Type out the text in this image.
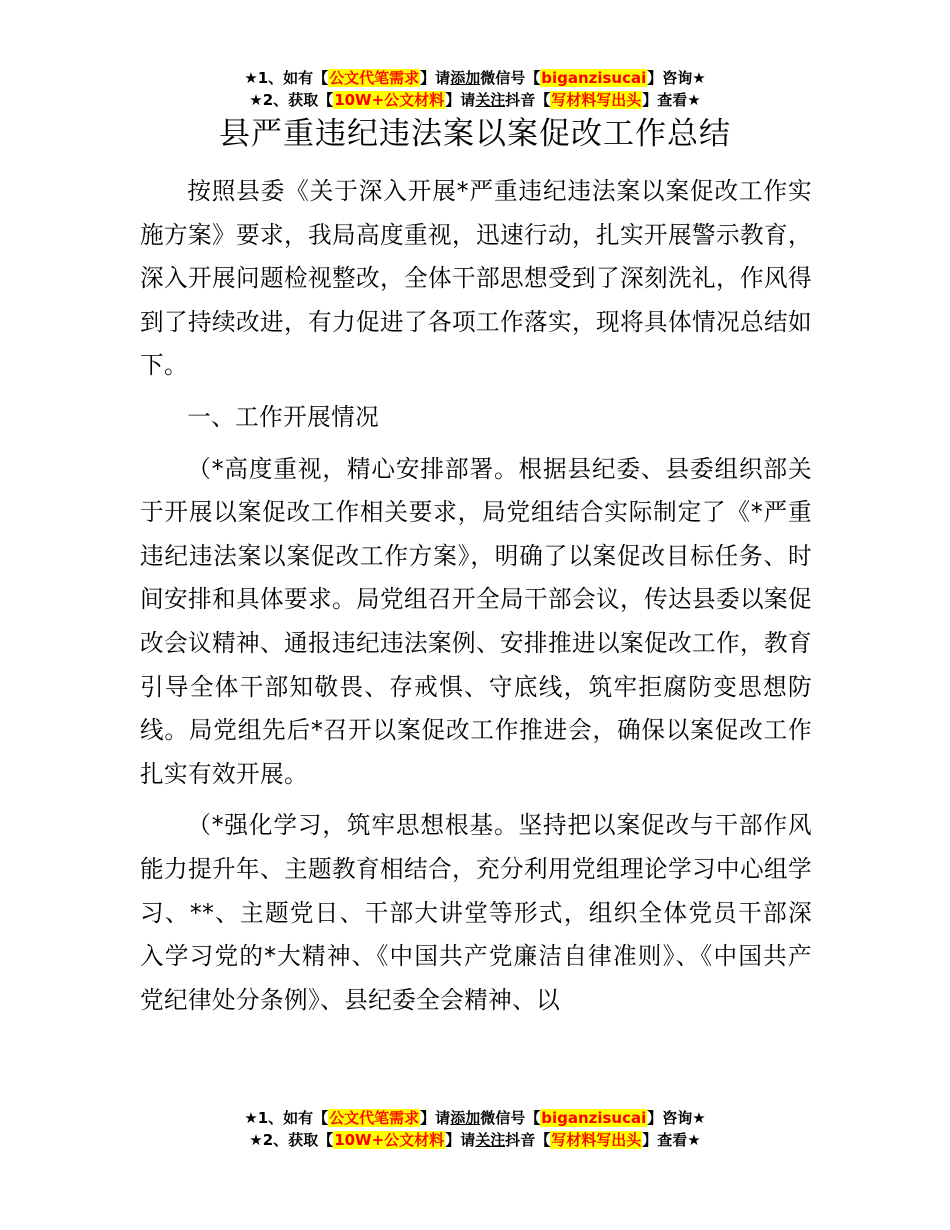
★1、如有【公文代笔需求】请添加微信号【biganzisucai】咨询★
★2、获取【10W+公文材料】请关注抖音【写材料写出头】查看★
县严重违纪违法案以案促改工作总结

按照县委《关于深入开展*严重违纪违法案以案促改工作实施方案》要求，我局高度重视，迅速行动，扎实开展警示教育，深入开展问题检视整改，全体干部思想受到了深刻洗礼，作风得到了持续改进，有力促进了各项工作落实，现将具体情况总结如下。

一、工作开展情况

（*高度重视，精心安排部署。根据县纪委、县委组织部关于开展以案促改工作相关要求，局党组结合实际制定了《*严重违纪违法案以案促改工作方案》，明确了以案促改目标任务、时间安排和具体要求。局党组召开全局干部会议，传达县委以案促改会议精神、通报违纪违法案例、安排推进以案促改工作，教育引导全体干部知敬畏、存戒惧、守底线，筑牢拒腐防变思想防线。局党组先后*召开以案促改工作推进会，确保以案促改工作扎实有效开展。

（*强化学习，筑牢思想根基。坚持把以案促改与干部作风能力提升年、主题教育相结合，充分利用党组理论学习中心组学习、**、主题党日、干部大讲堂等形式，组织全体党员干部深入学习党的*大精神、《中国共产党廉洁自律准则》、《中国共产党纪律处分条例》、县纪委全会精神、以

★1、如有【公文代笔需求】请添加微信号【biganzisucai】咨询★
★2、获取【10W+公文材料】请关注抖音【写材料写出头】查看★
